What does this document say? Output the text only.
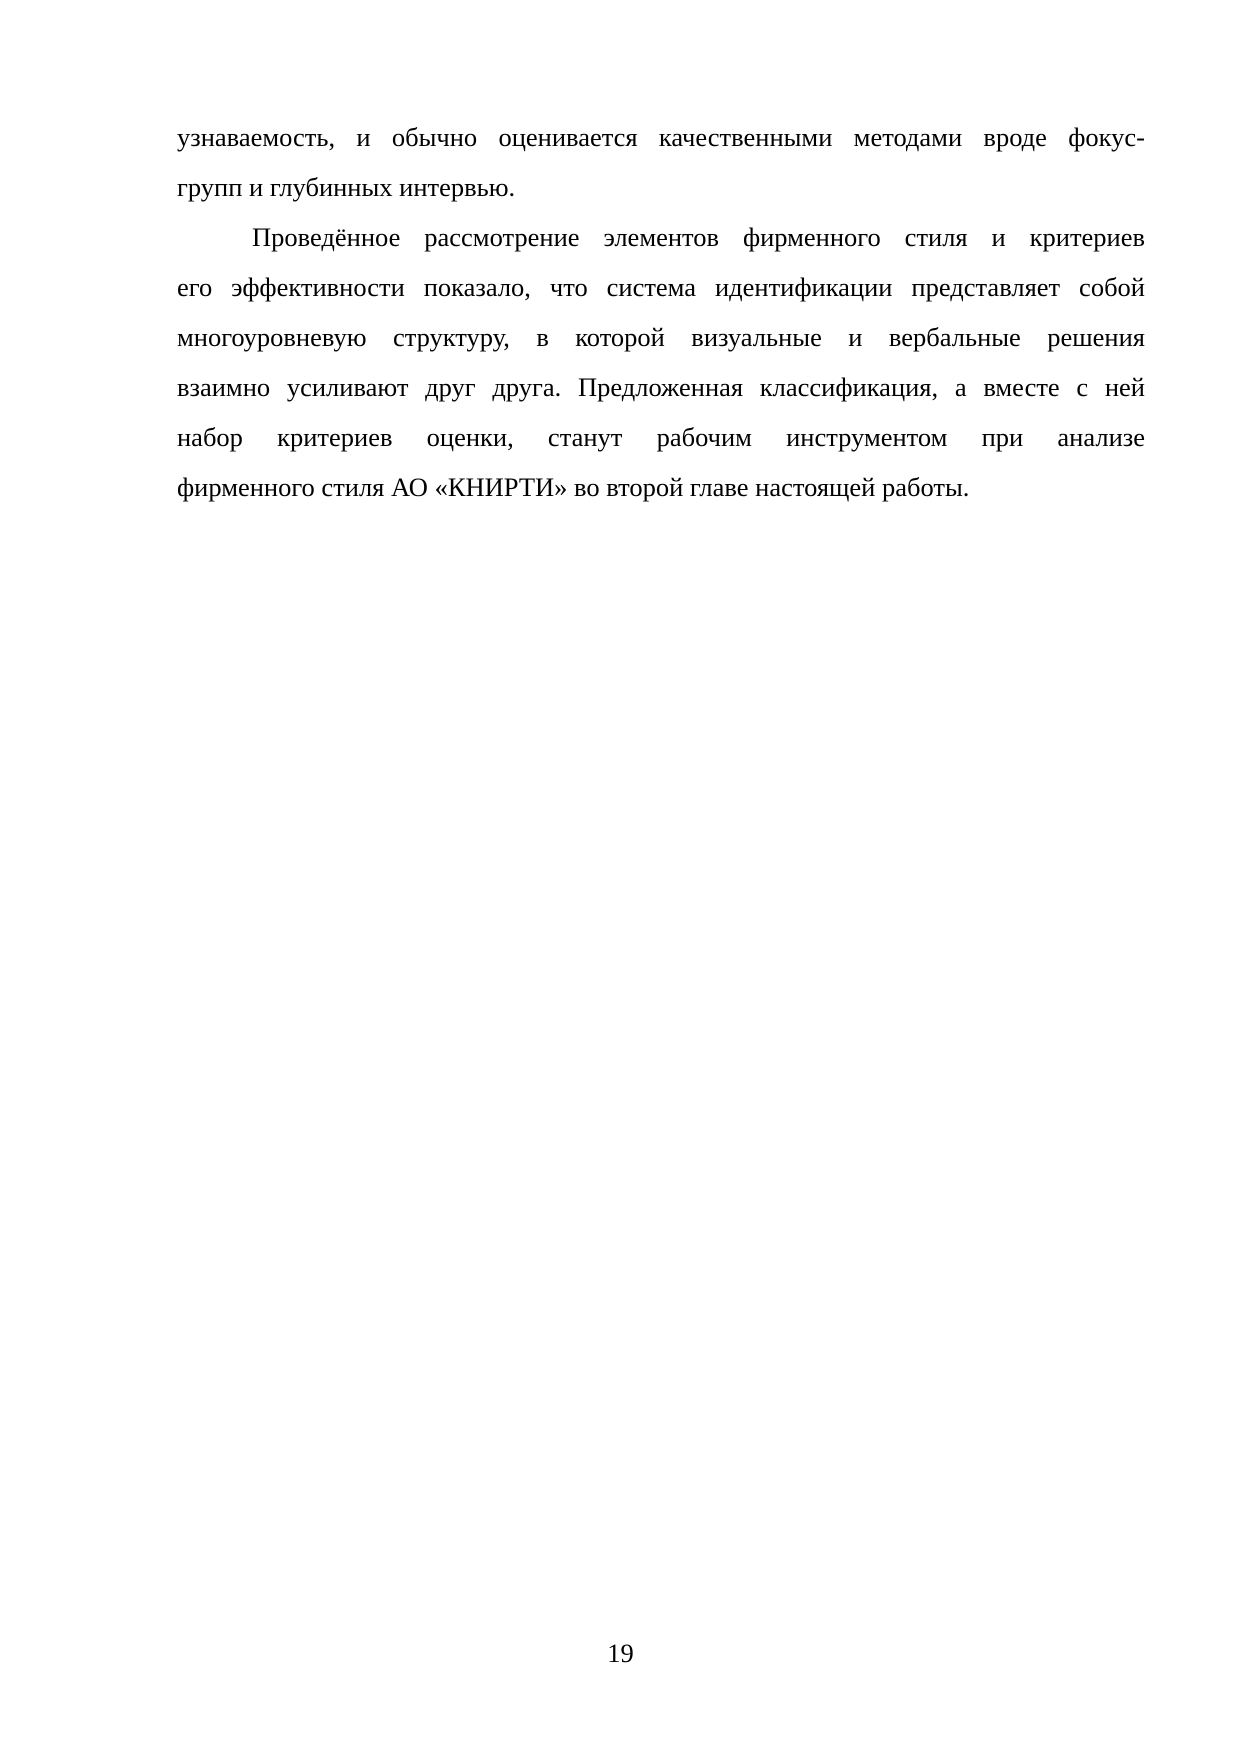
узнаваемость, и обычно оценивается качественными методами вроде фокус-
групп и глубинных интервью.

Проведённое рассмотрение элементов фирменного стиля и критериев
его эффективности показало, что система идентификации представляет собой
многоуровневую структуру, в которой визуальные и вербальные решения
взаимно усиливают друг друга. Предложенная классификация, а вместе с ней
набор критериев оценки, станут рабочим инструментом при анализе
фирменного стиля АО «КНИРТИ» во второй главе настоящей работы.

19
